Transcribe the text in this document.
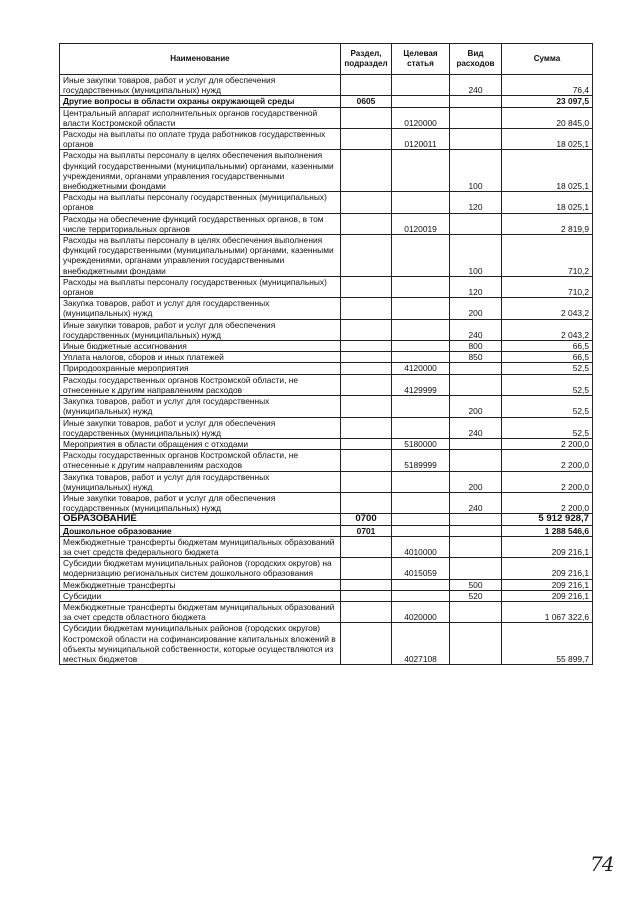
Наименование	Раздел, подраздел	Целевая статья	Вид расходов	Сумма
Иные закупки товаров, работ и услуг для обеспечения государственных (муниципальных) нужд			240	76,4
Другие вопросы в области охраны окружающей среды	0605			23 097,5
Центральный аппарат исполнительных органов государственной власти Костромской области		0120000		20 845,0
Расходы на выплаты по оплате труда работников государственных органов		0120011		18 025,1
Расходы на выплаты персоналу в целях обеспечения выполнения функций государственными (муниципальными) органами, казенными учреждениями, органами управления государственными внебюджетными фондами			100	18 025,1
Расходы на выплаты персоналу государственных (муниципальных) органов			120	18 025,1
Расходы на обеспечение функций государственных органов, в том числе территориальных органов		0120019		2 819,9
Расходы на выплаты персоналу в целях обеспечения выполнения функций государственными (муниципальными) органами, казенными учреждениями, органами управления государственными внебюджетными фондами			100	710,2
Расходы на выплаты персоналу государственных (муниципальных) органов			120	710,2
Закупка товаров, работ и услуг для государственных (муниципальных) нужд			200	2 043,2
Иные закупки товаров, работ и услуг для обеспечения государственных (муниципальных) нужд			240	2 043,2
Иные бюджетные ассигнования			800	66,5
Уплата налогов, сборов и иных платежей			850	66,5
Природоохранные мероприятия		4120000		52,5
Расходы государственных органов Костромской области, не отнесенные к другим направлениям расходов		4129999		52,5
Закупка товаров, работ и услуг для государственных (муниципальных) нужд			200	52,5
Иные закупки товаров, работ и услуг для обеспечения государственных (муниципальных) нужд			240	52,5
Мероприятия в области обращения с отходами		5180000		2 200,0
Расходы государственных органов Костромской области, не отнесенные к другим направлениям расходов		5189999		2 200,0
Закупка товаров, работ и услуг для государственных (муниципальных) нужд			200	2 200,0
Иные закупки товаров, работ и услуг для обеспечения государственных (муниципальных) нужд			240	2 200,0
ОБРАЗОВАНИЕ	0700			5 912 928,7
Дошкольное образование	0701			1 288 546,6
Межбюджетные трансферты бюджетам муниципальных образований за счет средств федерального бюджета		4010000		209 216,1
Субсидии бюджетам муниципальных районов (городских округов) на модернизацию региональных систем дошкольного образования		4015059		209 216,1
Межбюджетные трансферты			500	209 216,1
Субсидии			520	209 216,1
Межбюджетные трансферты бюджетам муниципальных образований за счет средств областного бюджета		4020000		1 067 322,6
Субсидии бюджетам муниципальных районов (городских округов) Костромской области на софинансирование капитальных вложений в объекты муниципальной собственности, которые осуществляются из местных бюджетов		4027108		55 899,7
74
